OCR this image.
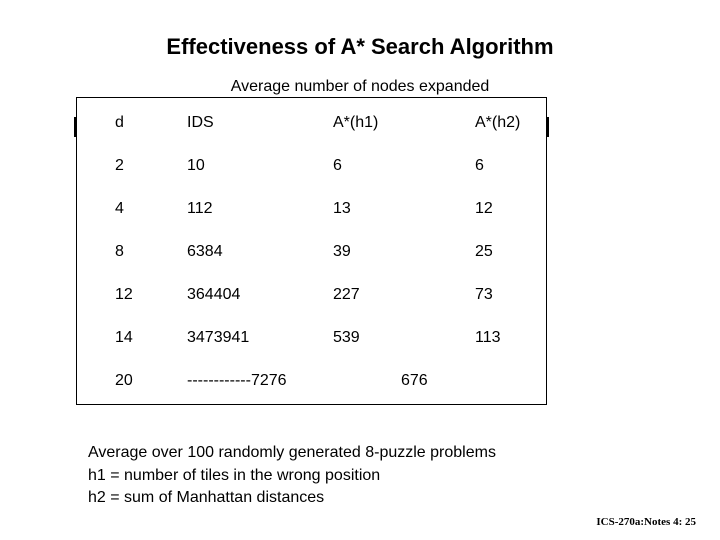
Effectiveness of A* Search Algorithm
Average number of nodes expanded
d	IDS	A*(h1)	A*(h2)
2	10	6	6
4	112	13	12
8	6384	39	25
12	364404	227	73
14	3473941	539	113
20	------------7276	676
Average over 100 randomly generated 8-puzzle problems
h1 = number of tiles in the wrong position
h2 = sum of Manhattan distances
ICS-270a:Notes 4: 25
